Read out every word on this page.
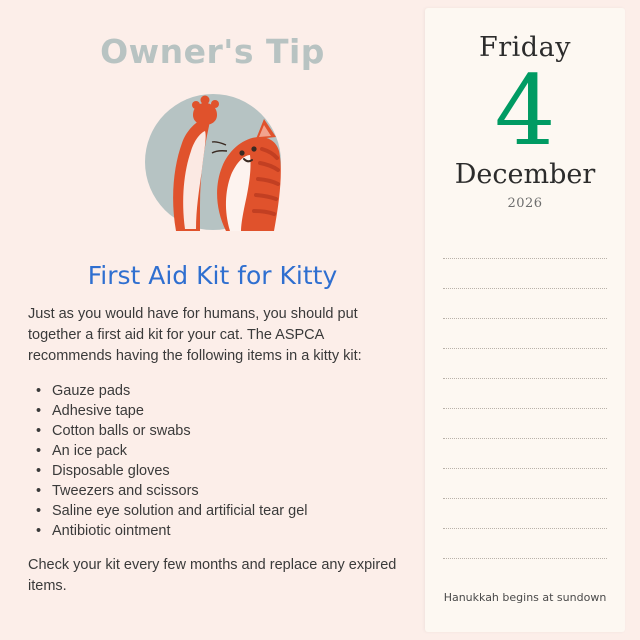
Owner's Tip
First Aid Kit for Kitty

Just as you would have for humans, you should put together a first aid kit for your cat. The ASPCA recommends having the following items in a kitty kit:

• Gauze pads
• Adhesive tape
• Cotton balls or swabs
• An ice pack
• Disposable gloves
• Tweezers and scissors
• Saline eye solution and artificial tear gel
• Antibiotic ointment

Check your kit every few months and replace any expired items.

Friday
4
December
2026
Hanukkah begins at sundown
